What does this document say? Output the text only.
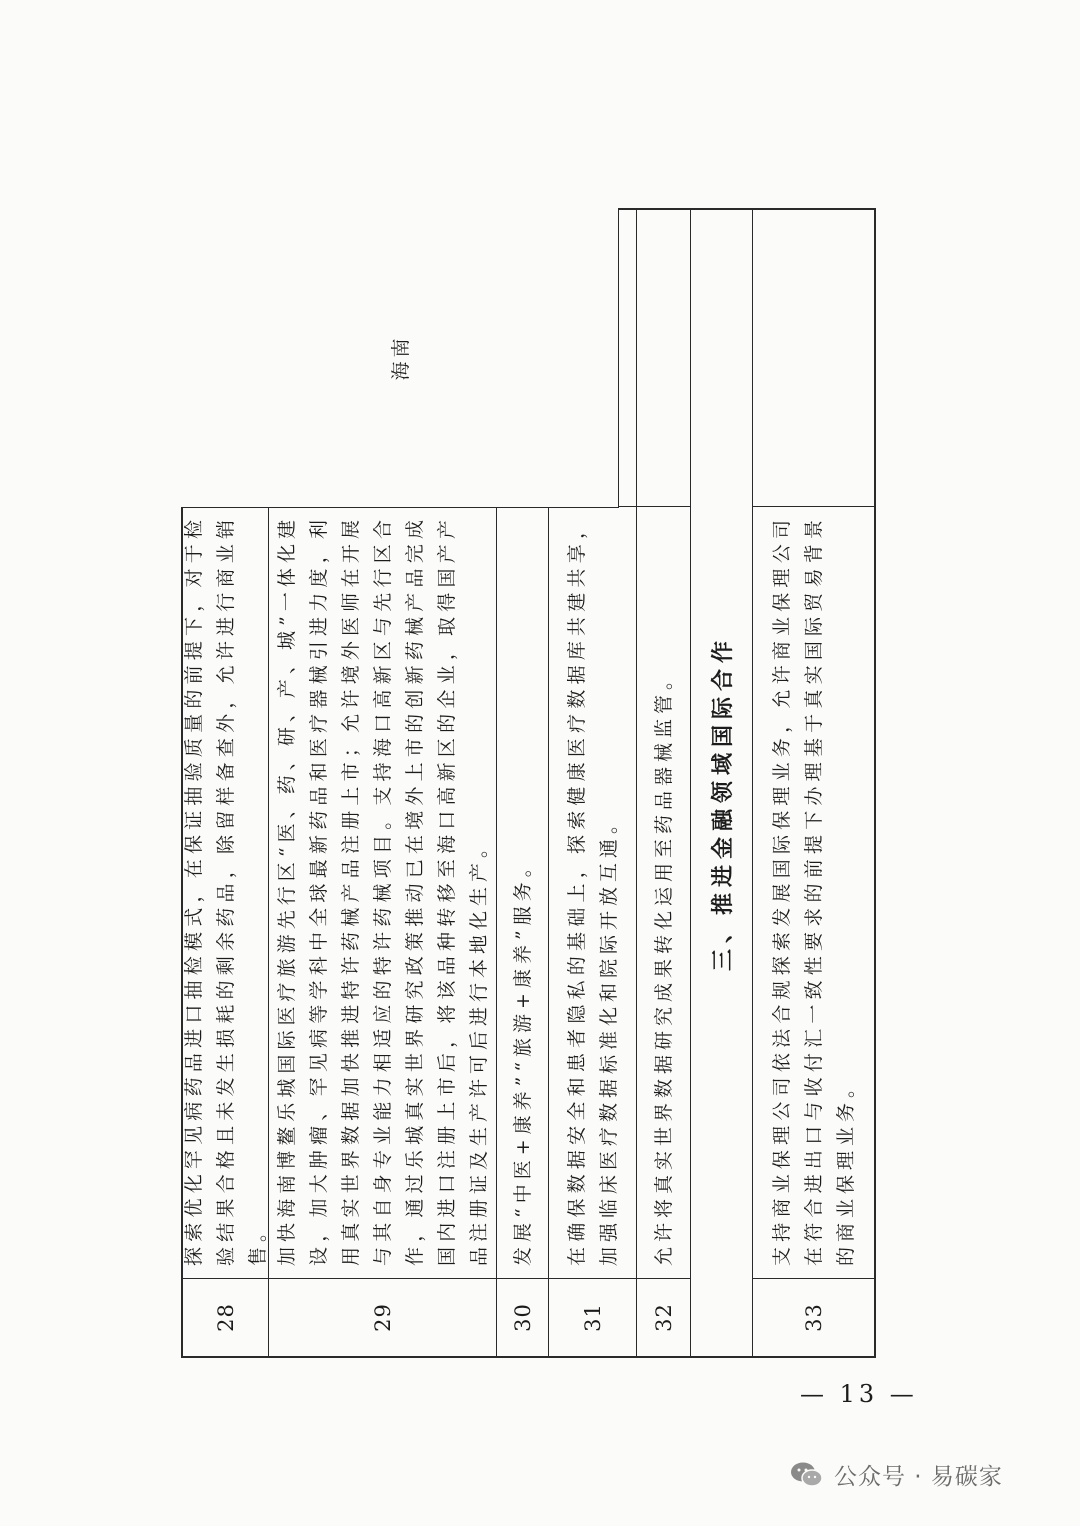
28
探索优化罕见病药品进口抽检模式，在保证抽验质量的前提下，对于检验结果合格且未发生损耗的剩余药品，除留样备查外，允许进行商业销售。
29
加快海南博鳌乐城国际医疗旅游先行区“医、药、研、产、城”一体化建设，加大肿瘤、罕见病等学科中全球最新药品和医疗器械引进力度，利用真实世界数据加快推进特许药械产品注册上市；允许境外医师在开展与其自身专业能力相适应的特许药械项目。支持海口高新区与先行区合作，通过乐城真实世界研究政策推动已在境外上市的创新药械产品完成国内进口注册上市后，将该品种转移至海口高新区的企业，取得国产产品注册证及生产许可后进行本地化生产。
30
发展“中医+康养”“旅游+康养”服务。
31
在确保数据安全和患者隐私的基础上，探索健康医疗数据库共建共享，加强临床医疗数据标准化和院际开放互通。
32
允许将真实世界数据研究成果转化运用至药品器械监管。 三、推进金融领域国际合作
33
支持商业保理公司依法合规探索发展国际保理业务，允许商业保理公司在符合进出口与收付汇一致性要求的前提下办理基于真实国际贸易背景的商业保理业务。
海南
— 13 —
公众号 · 易碳家
